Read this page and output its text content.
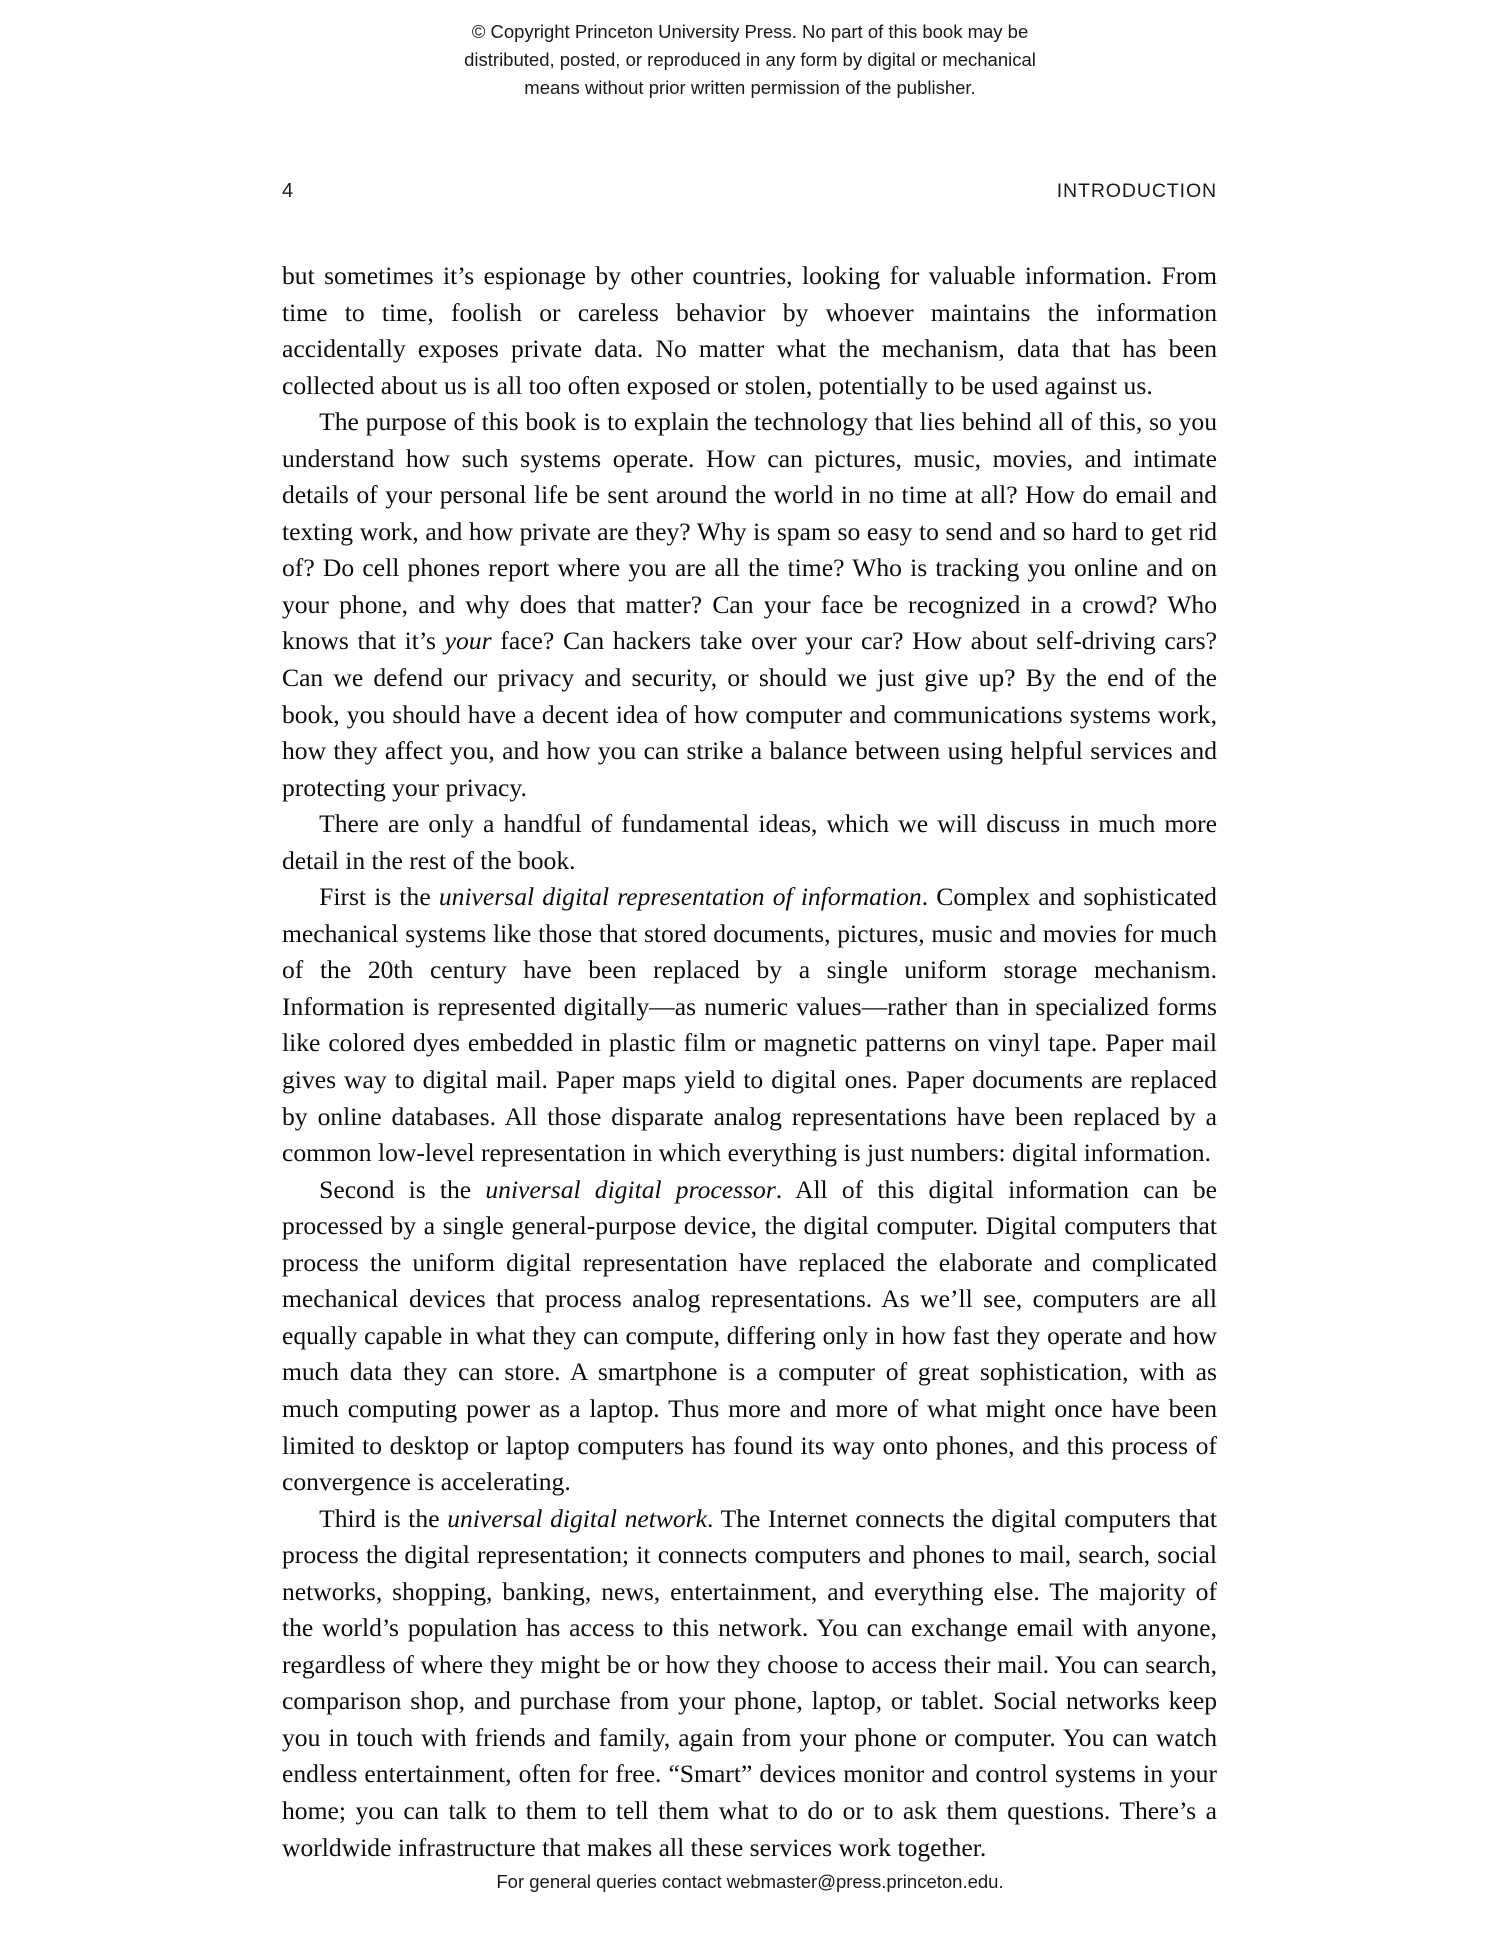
© Copyright Princeton University Press. No part of this book may be
distributed, posted, or reproduced in any form by digital or mechanical
means without prior written permission of the publisher.
4	INTRODUCTION

but sometimes it’s espionage by other countries, looking for valuable information. From time to time, foolish or careless behavior by whoever maintains the information accidentally exposes private data. No matter what the mechanism, data that has been collected about us is all too often exposed or stolen, potentially to be used against us.

The purpose of this book is to explain the technology that lies behind all of this, so you understand how such systems operate. How can pictures, music, movies, and intimate details of your personal life be sent around the world in no time at all? How do email and texting work, and how private are they? Why is spam so easy to send and so hard to get rid of? Do cell phones report where you are all the time? Who is tracking you online and on your phone, and why does that matter? Can your face be recognized in a crowd? Who knows that it’s your face? Can hackers take over your car? How about self-driving cars? Can we defend our privacy and security, or should we just give up? By the end of the book, you should have a decent idea of how computer and communications systems work, how they affect you, and how you can strike a balance between using helpful services and protecting your privacy.

There are only a handful of fundamental ideas, which we will discuss in much more detail in the rest of the book.

First is the universal digital representation of information. Complex and sophisticated mechanical systems like those that stored documents, pictures, music and movies for much of the 20th century have been replaced by a single uniform storage mechanism. Information is represented digitally—as numeric values—rather than in specialized forms like colored dyes embedded in plastic film or magnetic patterns on vinyl tape. Paper mail gives way to digital mail. Paper maps yield to digital ones. Paper documents are replaced by online databases. All those disparate analog representations have been replaced by a common low-level representation in which everything is just numbers: digital information.

Second is the universal digital processor. All of this digital information can be processed by a single general-purpose device, the digital computer. Digital computers that process the uniform digital representation have replaced the elaborate and complicated mechanical devices that process analog representations. As we’ll see, computers are all equally capable in what they can compute, differing only in how fast they operate and how much data they can store. A smartphone is a computer of great sophistication, with as much computing power as a laptop. Thus more and more of what might once have been limited to desktop or laptop computers has found its way onto phones, and this process of convergence is accelerating.

Third is the universal digital network. The Internet connects the digital computers that process the digital representation; it connects computers and phones to mail, search, social networks, shopping, banking, news, entertainment, and everything else. The majority of the world’s population has access to this network. You can exchange email with anyone, regardless of where they might be or how they choose to access their mail. You can search, comparison shop, and purchase from your phone, laptop, or tablet. Social networks keep you in touch with friends and family, again from your phone or computer. You can watch endless entertainment, often for free. “Smart” devices monitor and control systems in your home; you can talk to them to tell them what to do or to ask them questions. There’s a worldwide infrastructure that makes all these services work together.

For general queries contact webmaster@press.princeton.edu.
